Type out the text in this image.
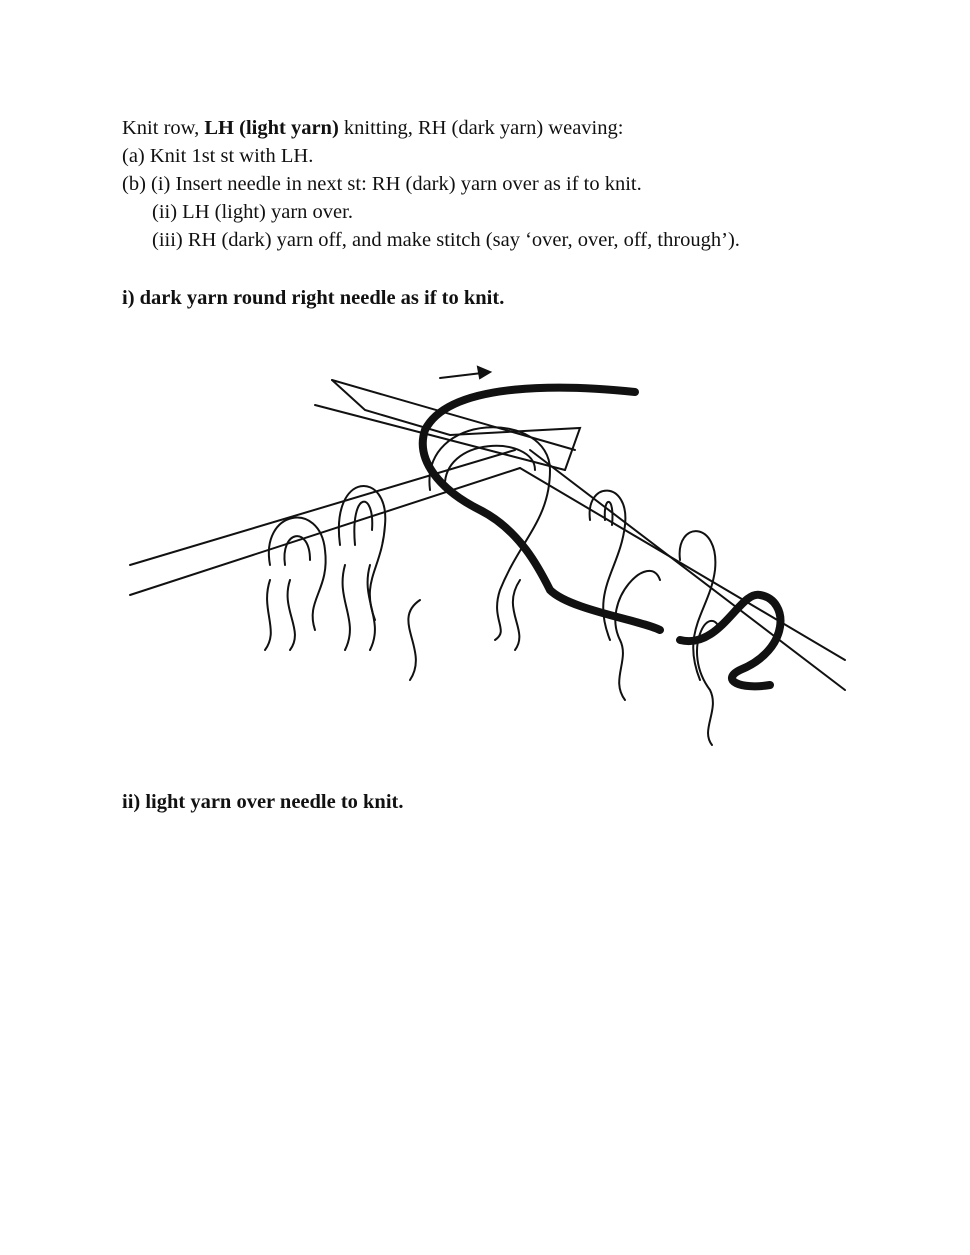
Knit row, LH (light yarn) knitting, RH (dark yarn) weaving:
(a) Knit 1st st with LH.
(b) (i) Insert needle in next st: RH (dark) yarn over as if to knit.
(ii) LH (light) yarn over.
(iii) RH (dark) yarn off, and make stitch (say ‘over, over, off, through’).
i) dark yarn round right needle as if to knit.
ii) light yarn over needle to knit.
